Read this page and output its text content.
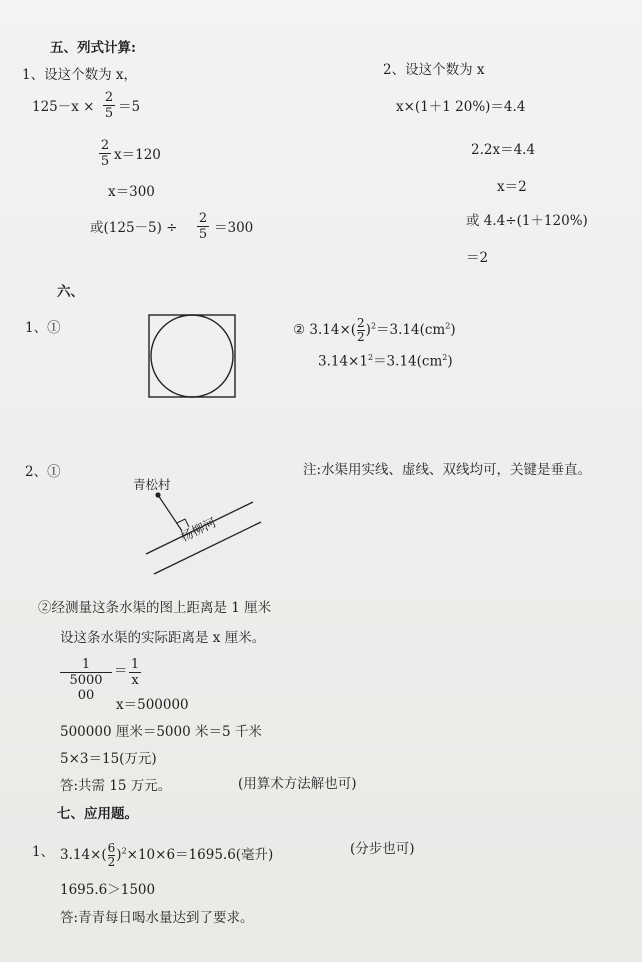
五、列式计算:
1、设这个数为 x，
125－x ×
2
5 ＝5
2
5 x＝120
x＝300
或(125－5) ÷
2
5 ＝300
2、设这个数为 x
x×(1＋1 20%)＝4.4
2.2x＝4.4
x＝2
或 4.4÷(1＋120%)
＝2
六、
1、①	② $3.14\times( \frac{2}{2} )^2=3.14(cm^2)$
$3.14\times 1^2=3.14(cm^2)$
2、①	注:水渠用实线、虚线、双线均可，关键是垂直。
青松村
杨柳河
②经测量这条水渠的图上距离是 1 厘米
设这条水渠的实际距离是 x 厘米。
1
5000 00
＝ 1
x
x＝500000
500000 厘米＝5000 米＝5 千米
5×3＝15(万元)
答:共需 15 万元。	(用算术方法解也可)
七、应用题。
1、 $3.14\times( \frac{6}{2} )^2\times 10\times 6=1695.6$(毫升)	(分步也可)
1695.6＞1500
答:青青每日喝水量达到了要求。
